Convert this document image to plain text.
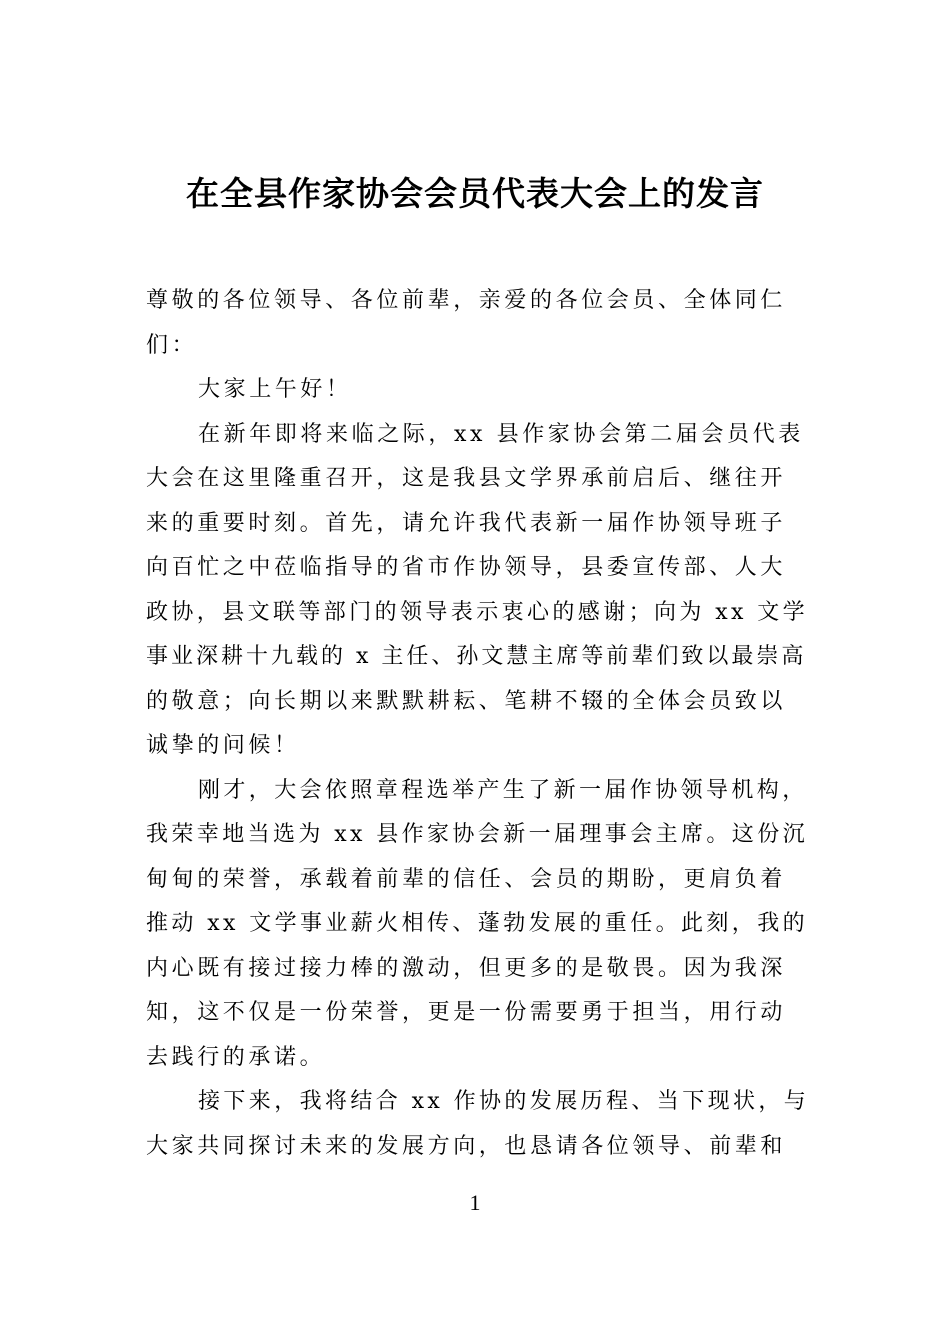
在全县作家协会会员代表大会上的发言
尊敬的各位领导、各位前辈，亲爱的各位会员、全体同仁
们：
大家上午好！
在新年即将来临之际，xx 县作家协会第二届会员代表
大会在这里隆重召开，这是我县文学界承前启后、继往开
来的重要时刻。首先，请允许我代表新一届作协领导班子
向百忙之中莅临指导的省市作协领导，县委宣传部、人大
政协，县文联等部门的领导表示衷心的感谢；向为 xx 文学
事业深耕十九载的 x 主任、孙文慧主席等前辈们致以最崇高
的敬意；向长期以来默默耕耘、笔耕不辍的全体会员致以
诚挚的问候！
刚才，大会依照章程选举产生了新一届作协领导机构，
我荣幸地当选为 xx 县作家协会新一届理事会主席。这份沉
甸甸的荣誉，承载着前辈的信任、会员的期盼，更肩负着
推动 xx 文学事业薪火相传、蓬勃发展的重任。此刻，我的
内心既有接过接力棒的激动，但更多的是敬畏。因为我深
知，这不仅是一份荣誉，更是一份需要勇于担当，用行动
去践行的承诺。
接下来，我将结合 xx 作协的发展历程、当下现状，与
大家共同探讨未来的发展方向，也恳请各位领导、前辈和
1
